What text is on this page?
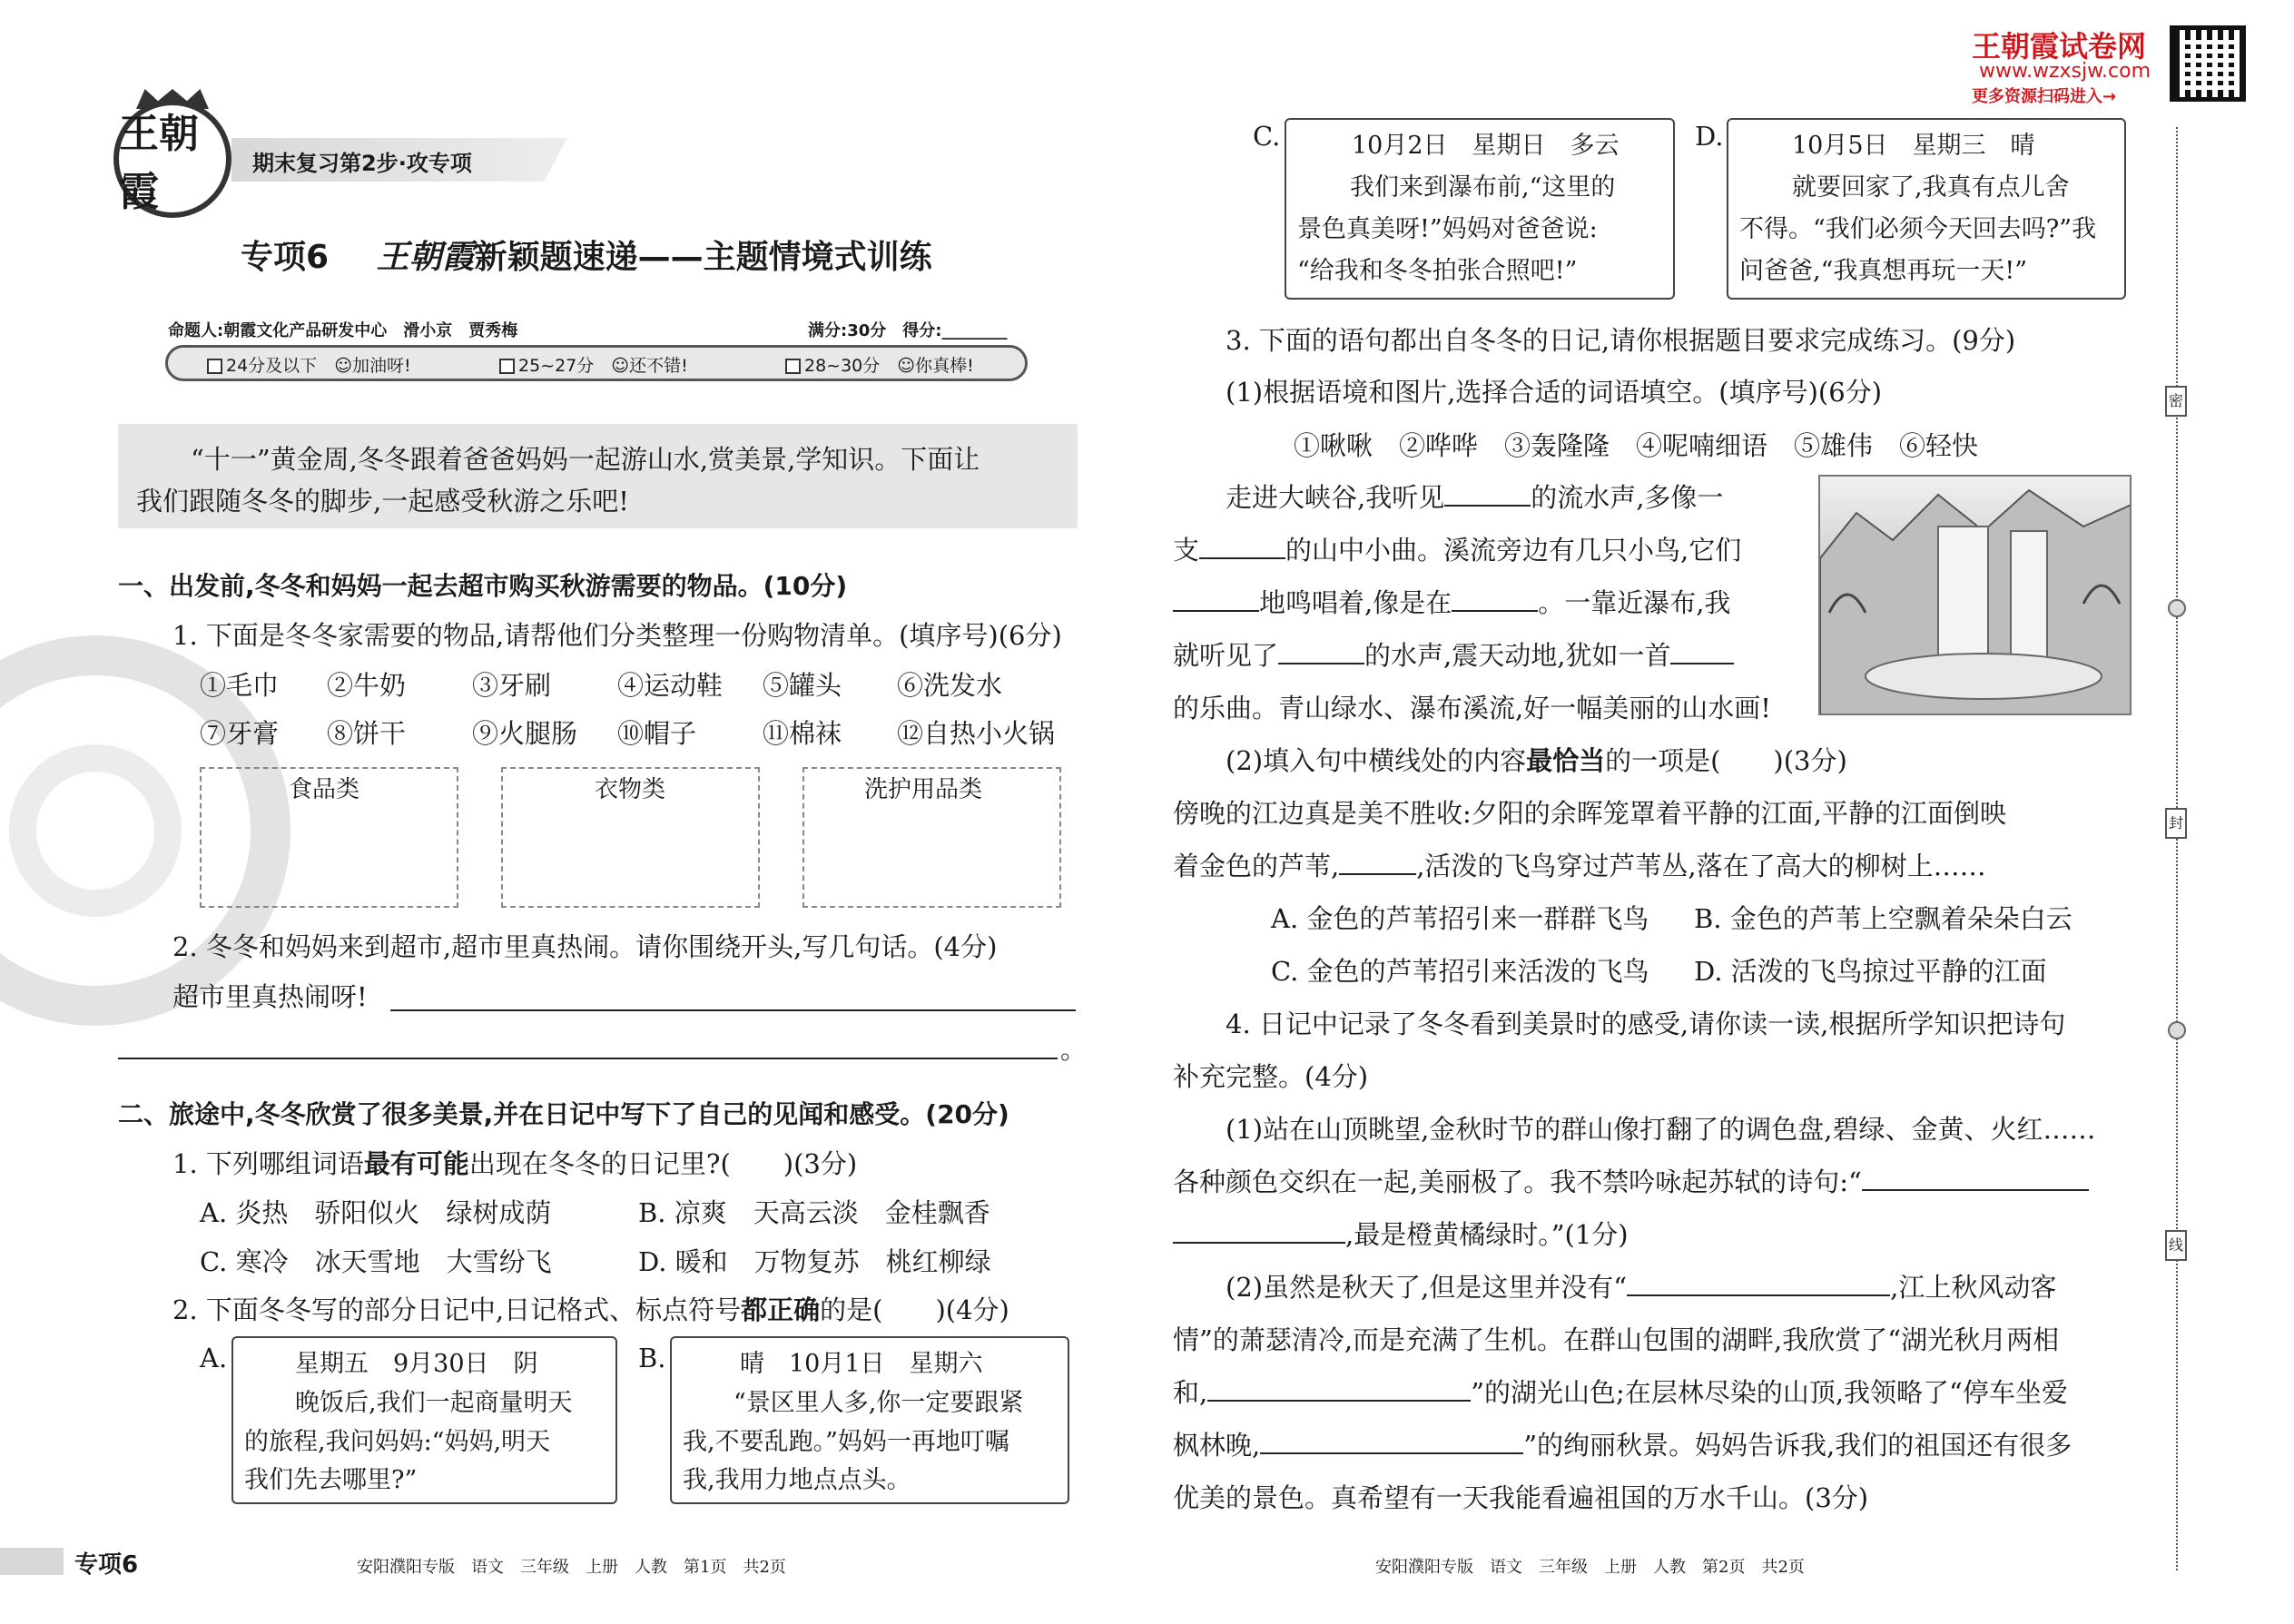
王朝霞
期末复习第2步·攻专项
专项6 王朝霞新颖题速递——主题情境式训练
命题人:朝霞文化产品研发中心　滑小京　贾秀梅	满分:30分　得分:________
24分及以下　 ☺加油呀!	25~27分　 ☺还不错!	28~30分　 ☺你真棒!
“十一”黄金周,冬冬跟着爸爸妈妈一起游山水,赏美景,学知识。下面让
我们跟随冬冬的脚步,一起感受秋游之乐吧!
一、出发前,冬冬和妈妈一起去超市购买秋游需要的物品。(10分)
1. 下面是冬冬家需要的物品,请帮他们分类整理一份购物清单。(填序号)(6分)
①毛巾 ②牛奶	③牙刷	④运动鞋 ⑤罐头 ⑥洗发水
⑦牙膏 ⑧饼干	⑨火腿肠 ⑩帽子	⑪棉袜 ⑫自热小火锅
食品类	衣物类	洗护用品类
2. 冬冬和妈妈来到超市,超市里真热闹。请你围绕开头,写几句话。(4分)
超市里真热闹呀!
。
二、旅途中,冬冬欣赏了很多美景,并在日记中写下了自己的见闻和感受。(20分)
1. 下列哪组词语最有可能出现在冬冬的日记里?(　　)(3分)
A. 炎热　骄阳似火　绿树成荫	B. 凉爽　天高云淡　金桂飘香
C. 寒冷　冰天雪地　大雪纷飞	D. 暖和　万物复苏　桃红柳绿
2. 下面冬冬写的部分日记中,日记格式、标点符号都正确的是(　　)(4分)
A.	星期五　9月30日　阴
晚饭后,我们一起商量明天
的旅程,我问妈妈:“妈妈,明天
我们先去哪里?”
B.	晴　10月1日　星期六
“景区里人多,你一定要跟紧
我,不要乱跑。”妈妈一再地叮嘱
我,我用力地点点头。
专项6	安阳濮阳专版　语文　三年级　上册　人教　第1页　共2页
王朝霞试卷网
www.wzxsjw.com
更多资源扫码进入→
C.	10月2日　星期日　多云
我们来到瀑布前,“这里的
景色真美呀!”妈妈对爸爸说:
“给我和冬冬拍张合照吧!”
D.	10月5日　星期三　晴
就要回家了,我真有点儿舍
不得。“我们必须今天回去吗?”我
问爸爸,“我真想再玩一天!”
3. 下面的语句都出自冬冬的日记,请你根据题目要求完成练习。(9分)
(1)根据语境和图片,选择合适的词语填空。(填序号)(6分)
①啾啾　②哗哗　③轰隆隆　④呢喃细语　⑤雄伟　⑥轻快
走进大峡谷,我听见	的流水声,多像一
支	的山中小曲。溪流旁边有几只小鸟,它们
地鸣唱着,像是在	。一靠近瀑布,我
就听见了	的水声,震天动地,犹如一首
的乐曲。青山绿水、瀑布溪流,好一幅美丽的山水画!
(2)填入句中横线处的内容最恰当的一项是(　　)(3分)
傍晚的江边真是美不胜收:夕阳的余晖笼罩着平静的江面,平静的江面倒映
着金色的芦苇,	,活泼的飞鸟穿过芦苇丛,落在了高大的柳树上……
A. 金色的芦苇招引来一群群飞鸟 B. 金色的芦苇上空飘着朵朵白云
C. 金色的芦苇招引来活泼的飞鸟 D. 活泼的飞鸟掠过平静的江面
4. 日记中记录了冬冬看到美景时的感受,请你读一读,根据所学知识把诗句
补充完整。(4分)
(1)站在山顶眺望,金秋时节的群山像打翻了的调色盘,碧绿、金黄、火红……
各种颜色交织在一起,美丽极了。我不禁吟咏起苏轼的诗句:“
,最是橙黄橘绿时。”(1分)
(2)虽然是秋天了,但是这里并没有“	,江上秋风动客
情”的萧瑟清冷,而是充满了生机。在群山包围的湖畔,我欣赏了“湖光秋月两相
和,	”的湖光山色;在层林尽染的山顶,我领略了“停车坐爱
枫林晚,	”的绚丽秋景。妈妈告诉我,我们的祖国还有很多
优美的景色。真希望有一天我能看遍祖国的万水千山。(3分)
安阳濮阳专版　语文　三年级　上册　人教　第2页　共2页
密
封
线
